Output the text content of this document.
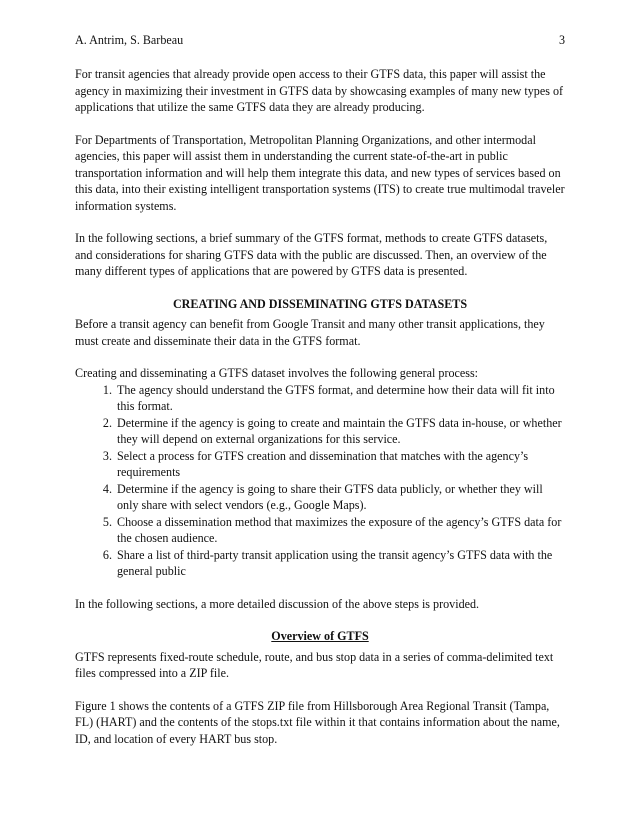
A. Antrim, S. Barbeau	3

For transit agencies that already provide open access to their GTFS data, this paper will assist the agency in maximizing their investment in GTFS data by showcasing examples of many new types of applications that utilize the same GTFS data they are already producing.

For Departments of Transportation, Metropolitan Planning Organizations, and other intermodal agencies, this paper will assist them in understanding the current state-of-the-art in public transportation information and will help them integrate this data, and new types of services based on this data, into their existing intelligent transportation systems (ITS) to create true multimodal traveler information systems.

In the following sections, a brief summary of the GTFS format, methods to create GTFS datasets, and considerations for sharing GTFS data with the public are discussed. Then, an overview of the many different types of applications that are powered by GTFS data is presented.

CREATING AND DISSEMINATING GTFS DATASETS

Before a transit agency can benefit from Google Transit and many other transit applications, they must create and disseminate their data in the GTFS format.

Creating and disseminating a GTFS dataset involves the following general process:

1. The agency should understand the GTFS format, and determine how their data will fit into this format.
2. Determine if the agency is going to create and maintain the GTFS data in-house, or whether they will depend on external organizations for this service.
3. Select a process for GTFS creation and dissemination that matches with the agency’s requirements
4. Determine if the agency is going to share their GTFS data publicly, or whether they will only share with select vendors (e.g., Google Maps).
5. Choose a dissemination method that maximizes the exposure of the agency’s GTFS data for the chosen audience.
6. Share a list of third-party transit application using the transit agency’s GTFS data with the general public

In the following sections, a more detailed discussion of the above steps is provided.

Overview of GTFS

GTFS represents fixed-route schedule, route, and bus stop data in a series of comma-delimited text files compressed into a ZIP file.

Figure 1 shows the contents of a GTFS ZIP file from Hillsborough Area Regional Transit (Tampa, FL) (HART) and the contents of the stops.txt file within it that contains information about the name, ID, and location of every HART bus stop.
